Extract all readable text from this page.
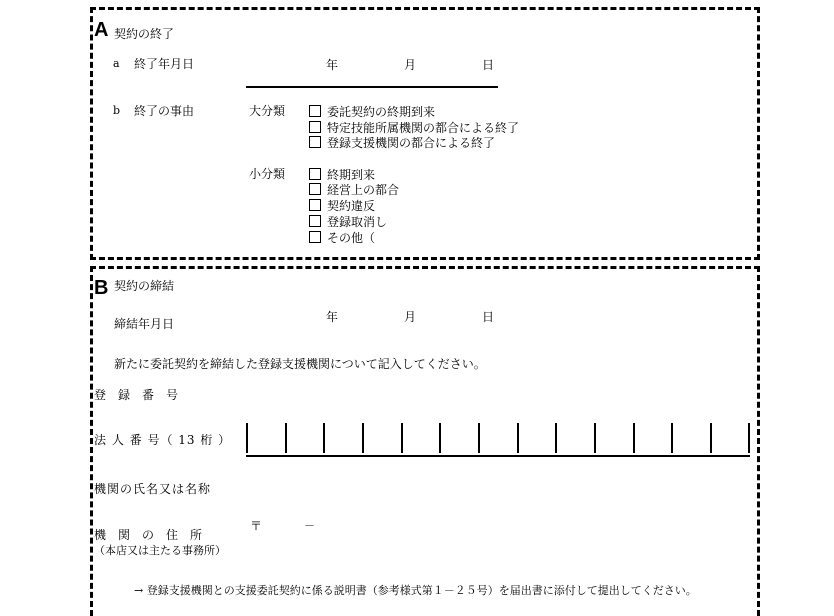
A 契約の終了
a 終了年月日	年	月	日
b 終了の事由	大分類	委託契約の終期到来
特定技能所属機関の都合による終了
登録支援機関の都合による終了
小分類	終期到来
経営上の都合
契約違反
登録取消し
その他（
B 契約の締結
締結年月日	年	月	日
新たに委託契約を締結した登録支援機関について記入してください。
登　録　番　号
法 人 番 号（ 13 桁 ）
機関の氏名又は名称
機　関　の　住　所
（本店又は主たる事務所）
〒	－
→ 登録支援機関との支援委託契約に係る説明書（参考様式第１－２５号）を届出書に添付して提出してください。
